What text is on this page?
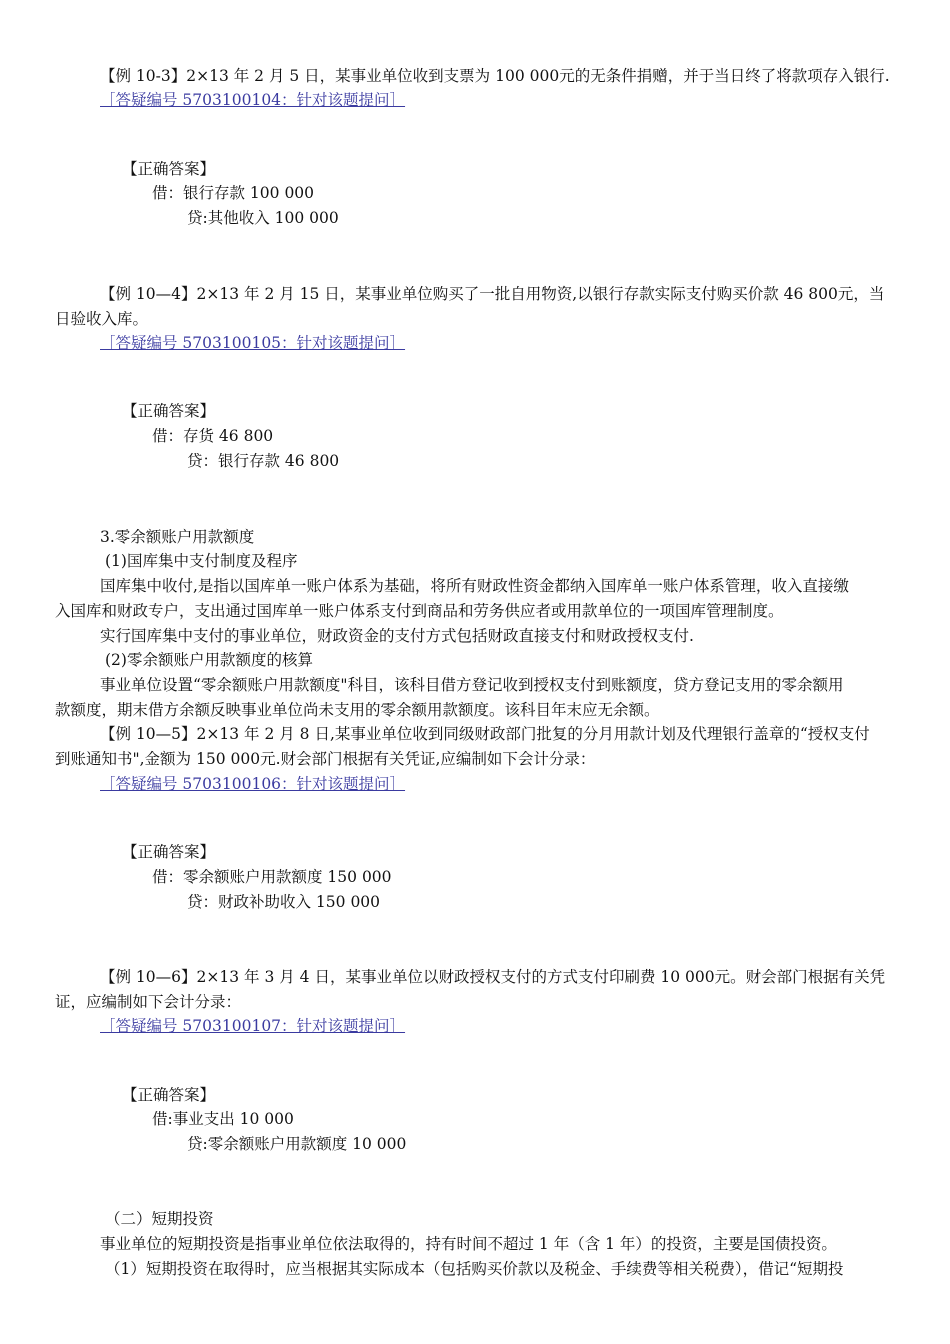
【例 10-3】2×13 年 2 月 5 日，某事业单位收到支票为 100 000元的无条件捐赠，并于当日终了将款项存入银行.
［答疑编号 5703100104：针对该题提问］
【正确答案】
借：银行存款 100 000
贷:其他收入 100 000
【例 10—4】2×13 年 2 月 15 日，某事业单位购买了一批自用物资,以银行存款实际支付购买价款 46 800元，当
日验收入库。
［答疑编号 5703100105：针对该题提问］
【正确答案】
借：存货 46 800
贷：银行存款 46 800
3.零余额账户用款额度
(1)国库集中支付制度及程序
国库集中收付,是指以国库单一账户体系为基础，将所有财政性资金都纳入国库单一账户体系管理，收入直接缴
入国库和财政专户，支出通过国库单一账户体系支付到商品和劳务供应者或用款单位的一项国库管理制度。
实行国库集中支付的事业单位，财政资金的支付方式包括财政直接支付和财政授权支付.
(2)零余额账户用款额度的核算
事业单位设置“零余额账户用款额度"科目，该科目借方登记收到授权支付到账额度，贷方登记支用的零余额用
款额度，期末借方余额反映事业单位尚未支用的零余额用款额度。该科目年末应无余额。
【例 10—5】2×13 年 2 月 8 日,某事业单位收到同级财政部门批复的分月用款计划及代理银行盖章的“授权支付
到账通知书",金额为 150 000元.财会部门根据有关凭证,应编制如下会计分录：
［答疑编号 5703100106：针对该题提问］
【正确答案】
借：零余额账户用款额度 150 000
贷：财政补助收入 150 000
【例 10—6】2×13 年 3 月 4 日，某事业单位以财政授权支付的方式支付印刷费 10 000元。财会部门根据有关凭
证，应编制如下会计分录：
［答疑编号 5703100107：针对该题提问］
【正确答案】
借:事业支出 10 000
贷:零余额账户用款额度 10 000
（二）短期投资
事业单位的短期投资是指事业单位依法取得的，持有时间不超过 1 年（含 1 年）的投资，主要是国债投资。
（1）短期投资在取得时，应当根据其实际成本（包括购买价款以及税金、手续费等相关税费），借记“短期投
